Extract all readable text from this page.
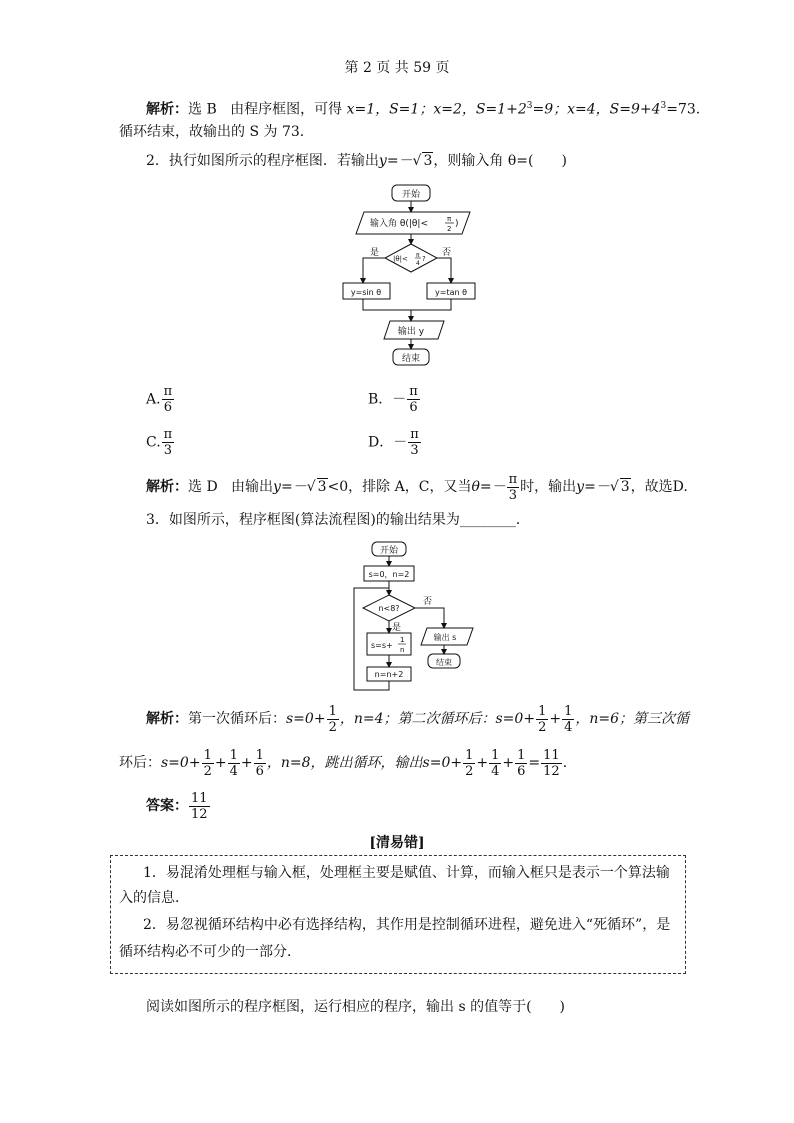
第 2 页 共 59 页
解析：选 B 由程序框图，可得 x=1，S=1；x=2，$S=1+2^3=9$；x=4，$S=9+4^3=73$.
循环结束，故输出的 S 为 73.
2．执行如图所示的程序框图．若输出y=－√ 3，则输入角 θ=(　　)
开始
输入角 θ(|θ|<	π
2 )
|θ|< π
4
?
是	否
y=sin θ	y=tan θ
输出 y
结束
A. $\frac{\pi}{6}$	B．－ $\frac{\pi}{6}$
C. $\frac{\pi}{3}$	D．－ $\frac{\pi}{3}$
解析：选 D 由输出y=－√ 3<0，排除 A，C，又当$\theta=- \frac{\pi}{3}$ 时，输出y=－√ 3，故选D.
3．如图所示，程序框图(算法流程图)的输出结果为________．
开始
s=0，n=2
n<8?
否
是
s=s+
1
n
n=n+2
输出 s
结束
解析：第一次循环后：$s=0+ \frac{1}{2}$ ，n=4；第二次循环后：$s=0+ \frac{1}{2} + \frac{1}{4}$ ，n=6；第三次循
环后：$s=0+ \frac{1}{2} + \frac{1}{4} + \frac{1}{6}$ ，n=8，跳出循环，输出$s=0+ \frac{1}{2} + \frac{1}{4} + \frac{1}{6} = \frac{11}{12}$ .
答案： $\frac{11}{12}$
[清易错]
1．易混淆处理框与输入框，处理框主要是赋值、计算，而输入框只是表示一个算法输
入的信息．
2．易忽视循环结构中必有选择结构，其作用是控制循环进程，避免进入“死循环”，是
循环结构必不可少的一部分．
阅读如图所示的程序框图，运行相应的程序，输出 s 的值等于(　　)
